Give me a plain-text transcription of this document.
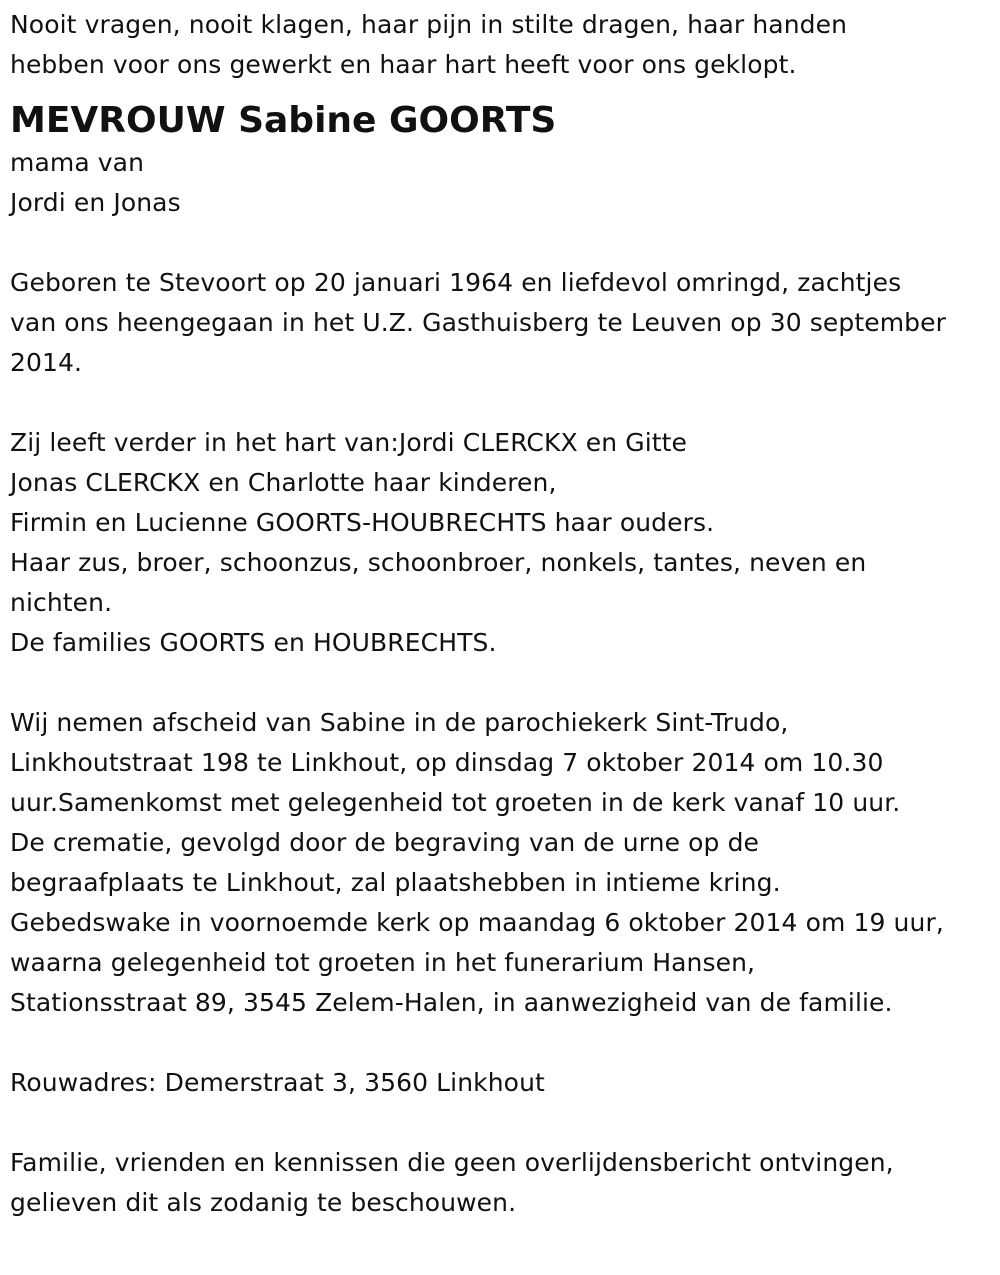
Nooit vragen, nooit klagen, haar pijn in stilte dragen, haar handen
hebben voor ons gewerkt en haar hart heeft voor ons geklopt.
MEVROUW Sabine GOORTS
mama van
Jordi en Jonas
Geboren te Stevoort op 20 januari 1964 en liefdevol omringd, zachtjes
van ons heengegaan in het U.Z. Gasthuisberg te Leuven op 30 september
2014.
Zij leeft verder in het hart van:Jordi CLERCKX en Gitte
Jonas CLERCKX en Charlotte haar kinderen,
Firmin en Lucienne GOORTS-HOUBRECHTS haar ouders.
Haar zus, broer, schoonzus, schoonbroer, nonkels, tantes, neven en
nichten.
De families GOORTS en HOUBRECHTS.
Wij nemen afscheid van Sabine in de parochiekerk Sint-Trudo,
Linkhoutstraat 198 te Linkhout, op dinsdag 7 oktober 2014 om 10.30
uur.Samenkomst met gelegenheid tot groeten in de kerk vanaf 10 uur.
De crematie, gevolgd door de begraving van de urne op de
begraafplaats te Linkhout, zal plaatshebben in intieme kring.
Gebedswake in voornoemde kerk op maandag 6 oktober 2014 om 19 uur,
waarna gelegenheid tot groeten in het funerarium Hansen,
Stationsstraat 89, 3545 Zelem-Halen, in aanwezigheid van de familie.
Rouwadres: Demerstraat 3, 3560 Linkhout
Familie, vrienden en kennissen die geen overlijdensbericht ontvingen,
gelieven dit als zodanig te beschouwen.
